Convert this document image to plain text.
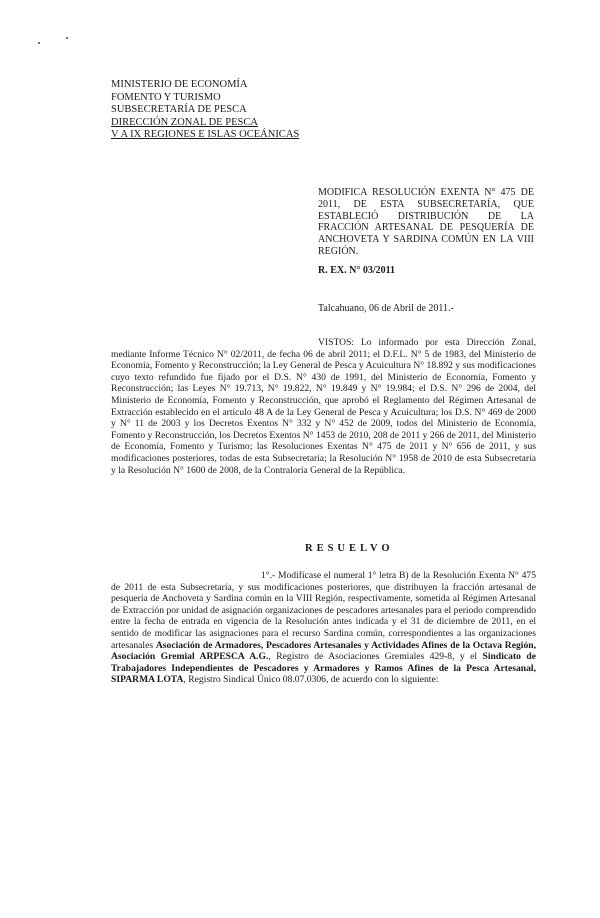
MINISTERIO DE ECONOMÍA
FOMENTO Y TURISMO
SUBSECRETARÍA DE PESCA
DIRECCIÓN ZONAL DE PESCA
V A IX REGIONES E ISLAS OCEÁNICAS
MODIFICA RESOLUCIÓN EXENTA N° 475 DE 2011, DE ESTA SUBSECRETARÍA, QUE ESTABLECIÓ DISTRIBUCIÓN DE LA FRACCIÓN ARTESANAL DE PESQUERÍA DE ANCHOVETA Y SARDINA COMÚN EN LA VIII REGIÓN.
R. EX. N° 03/2011
Talcahuano, 06 de Abril de 2011.-
VISTOS: Lo informado por esta Dirección Zonal, mediante Informe Técnico N° 02/2011, de fecha 06 de abril 2011; el D.F.L. N° 5 de 1983, del Ministerio de Economía, Fomento y Reconstrucción; la Ley General de Pesca y Acuicultura N° 18.892 y sus modificaciones cuyo texto refundido fue fijado por el D.S. N° 430 de 1991, del Ministerio de Economía, Fomento y Reconstrucción; las Leyes N° 19.713, N° 19.822, N° 19.849 y N° 19.984; el D.S. N° 296 de 2004, del Ministerio de Economía, Fomento y Reconstrucción, que aprobó el Reglamento del Régimen Artesanal de Extracción establecido en el artículo 48 A de la Ley General de Pesca y Acuicultura; los D.S. N° 469 de 2000 y N° 11 de 2003 y los Decretos Exentos N° 332 y N° 452 de 2009, todos del Ministerio de Economía, Fomento y Reconstrucción, los Decretos Exentos N° 1453 de 2010, 208 de 2011 y 266 de 2011, del Ministerio de Economía, Fomento y Turismo; las Resoluciones Exentas N° 475 de 2011 y N° 656 de 2011, y sus modificaciones posteriores, todas de esta Subsecretaría; la Resolución N° 1958 de 2010 de esta Subsecretaría y la Resolución N° 1600 de 2008, de la Contraloría General de la República.
RESUELVO
1°.- Modifícase el numeral 1° letra B) de la Resolución Exenta N° 475 de 2011 de esta Subsecretaría, y sus modificaciones posteriores, que distribuyen la fracción artesanal de pesquería de Anchoveta y Sardina común en la VIII Región, respectivamente, sometida al Régimen Artesanal de Extracción por unidad de asignación organizaciones de pescadores artesanales para el período comprendido entre la fecha de entrada en vigencia de la Resolución antes indicada y el 31 de diciembre de 2011, en el sentido de modificar las asignaciones para el recurso Sardina común, correspondientes a las organizaciones artesanales Asociación de Armadores, Pescadores Artesanales y Actividades Afines de la Octava Región, Asociación Gremial ARPESCA A.G., Registro de Asociaciones Gremiales 429-8, y el Sindicato de Trabajadores Independientes de Pescadores y Armadores y Ramos Afines de la Pesca Artesanal, SIPARMA LOTA, Registro Sindical Único 08.07.0306, de acuerdo con lo siguiente:
